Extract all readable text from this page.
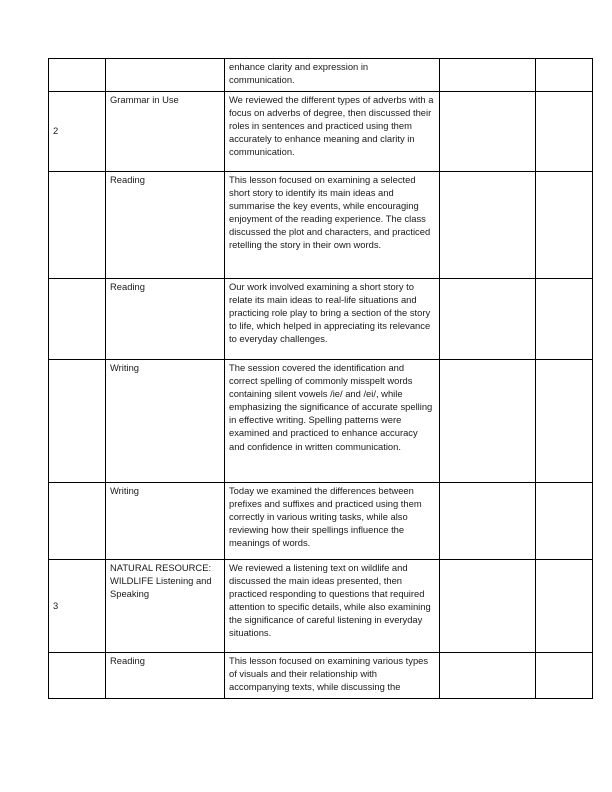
		enhance clarity and expression in communication.		
2	Grammar in Use	We reviewed the different types of adverbs with a focus on adverbs of degree, then discussed their roles in sentences and practiced using them accurately to enhance meaning and clarity in communication.		
	Reading	This lesson focused on examining a selected short story to identify its main ideas and summarise the key events, while encouraging enjoyment of the reading experience. The class discussed the plot and characters, and practiced retelling the story in their own words.		
	Reading	Our work involved examining a short story to relate its main ideas to real-life situations and practicing role play to bring a section of the story to life, which helped in appreciating its relevance to everyday challenges.		
	Writing	The session covered the identification and correct spelling of commonly misspelt words containing silent vowels /ie/ and /ei/, while emphasizing the significance of accurate spelling in effective writing. Spelling patterns were examined and practiced to enhance accuracy and confidence in written communication.		
	Writing	Today we examined the differences between prefixes and suffixes and practiced using them correctly in various writing tasks, while also reviewing how their spellings influence the meanings of words.		
3	NATURAL RESOURCE: WILDLIFE Listening and Speaking	We reviewed a listening text on wildlife and discussed the main ideas presented, then practiced responding to questions that required attention to specific details, while also examining the significance of careful listening in everyday situations.		
	Reading	This lesson focused on examining various types of visuals and their relationship with accompanying texts, while discussing the		
